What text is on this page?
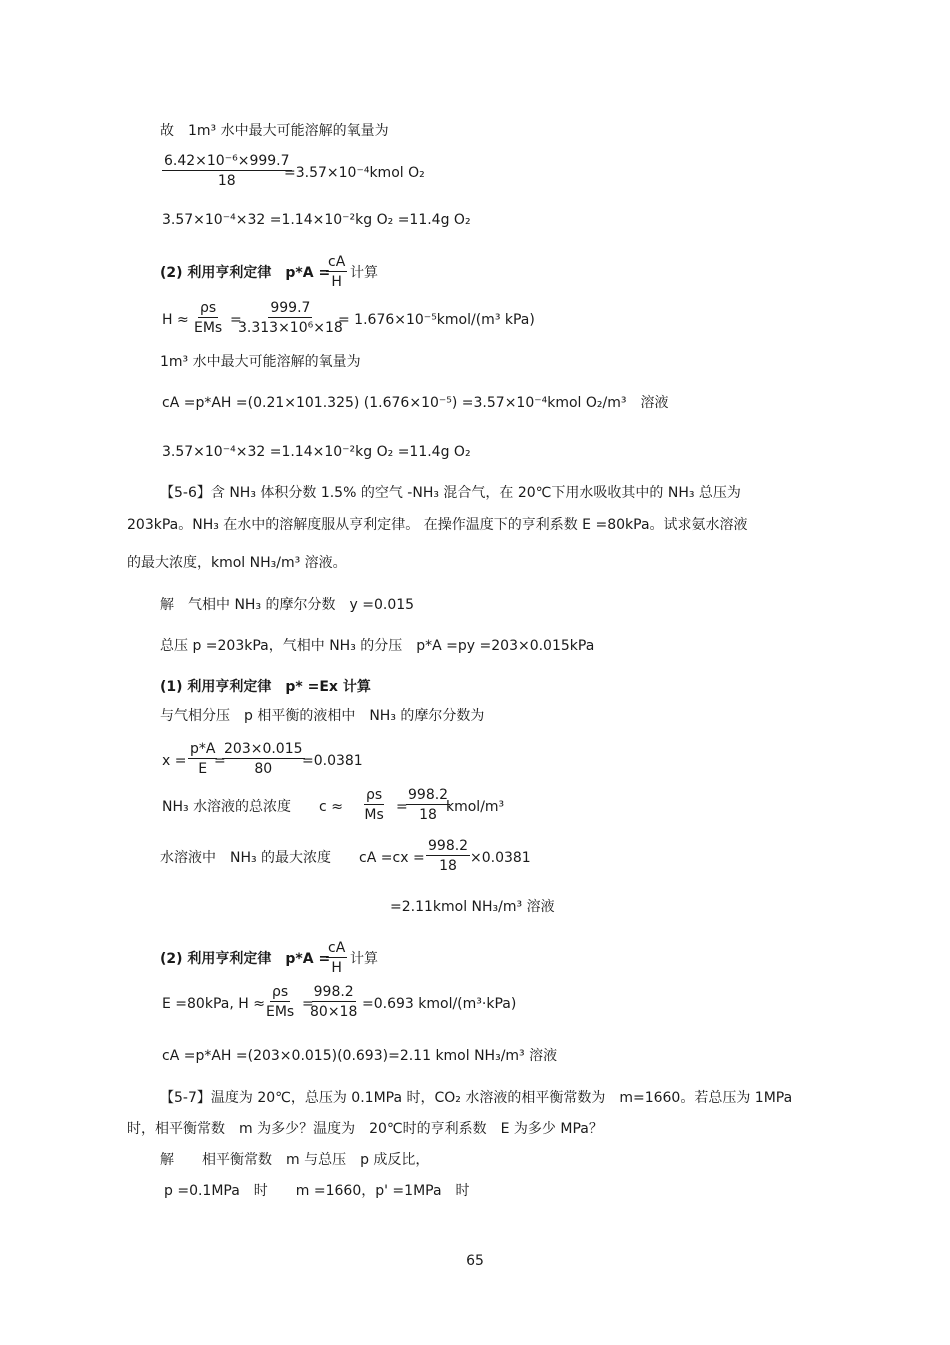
故　1m³ 水中最大可能溶解的氧量为
$\frac{\text{6.42×10⁻⁶×999.7}}{18}$
=3.57×10⁻⁴kmol O₂
3.57×10⁻⁴×32 =1.14×10⁻²kg O₂ =11.4g O₂
(2) 利用亨利定律　p*A =
$\frac{cA}{H}$ 计算
H ≈
ρs
EMs =
$\frac{999.7}{\text{3.313×10⁶×18}}$
= 1.676×10⁻⁵kmol/(m³ kPa)
1m³ 水中最大可能溶解的氧量为
cA =p*AH =(0.21×101.325) (1.676×10⁻⁵) =3.57×10⁻⁴kmol O₂/m³　溶液
3.57×10⁻⁴×32 =1.14×10⁻²kg O₂ =11.4g O₂
【5-6】含 NH₃ 体积分数 1.5% 的空气 -NH₃ 混合气，在 20℃下用水吸收其中的 NH₃ 总压为
203kPa。NH₃ 在水中的溶解度服从亨利定律。 在操作温度下的亨利系数 E =80kPa。试求氨水溶液
的最大浓度，kmol NH₃/m³ 溶液。
解　气相中 NH₃ 的摩尔分数　y =0.015
总压 p =203kPa，气相中 NH₃ 的分压　p*A =py =203×0.015kPa
(1) 利用亨利定律　p* =Ex 计算
与气相分压　p 相平衡的液相中　NH₃ 的摩尔分数为
$x = \frac{p*A}{E}$
=
$\frac{203\times 0.015}{80}$
=0.0381
NH₃ 水溶液的总浓度　　$c \approx \frac{\rho s}{Ms}$ =
$\frac{998.2}{18}$
kmol/m³
水溶液中　NH₃ 的最大浓度　　cA $=cx = \frac{998.2}{18} \times 0.0381$
=2.11kmol NH₃/m³ 溶液
(2) 利用亨利定律　p*A =
$\frac{cA}{H}$ 计算
E =80kPa, H ≈
ρs
EMs =
$\frac{998.2}{80\times 18} =0.693$ kmol/(m³·kPa)
cA =p*AH =(203×0.015)(0.693)=2.11 kmol NH₃/m³ 溶液
【5-7】温度为 20℃，总压为 0.1MPa 时，CO₂ 水溶液的相平衡常数为　m=1660。若总压为 1MPa
时，相平衡常数　m 为多少？温度为　20℃时的亨利系数　E 为多少 MPa？
解　　相平衡常数　m 与总压　p 成反比，
p =0.1MPa　时　　m =1660，p' =1MPa　时
65
